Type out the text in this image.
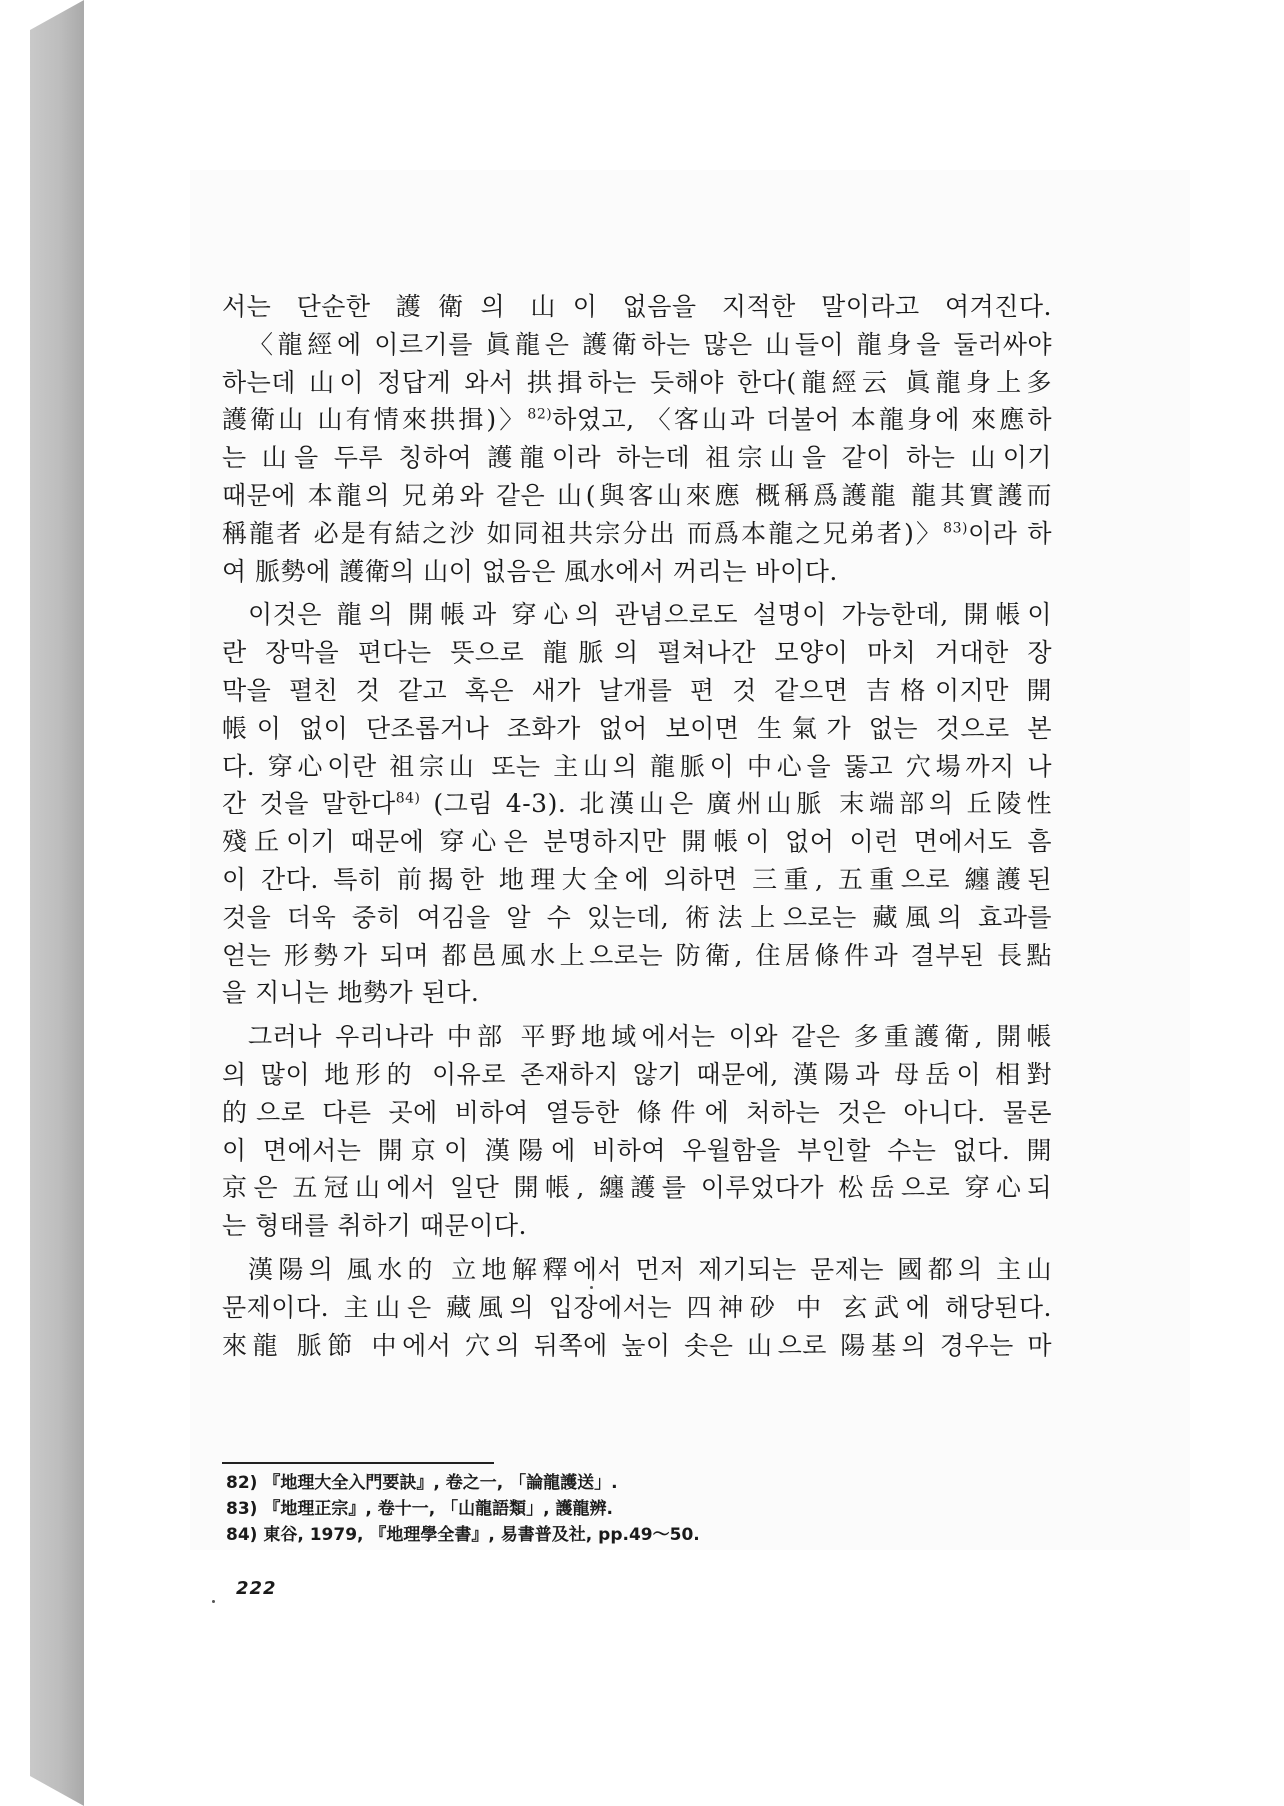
서는 단순한 護衛의 山이 없음을 지적한 말이라고 여겨진다.
〈龍經에 이르기를 眞龍은 護衛하는 많은 山들이 龍身을 둘러싸야
하는데 山이 정답게 와서 拱揖하는 듯해야 한다(龍經云 眞龍身上多
護衛山 山有情來拱揖)〉$^{82)}$하였고, 〈客山과 더불어 本龍身에 來應하
는 山을 두루 칭하여 護龍이라 하는데 祖宗山을 같이 하는 山이기
때문에 本龍의 兄弟와 같은 山(與客山來應 概稱爲護龍 龍其實護而
稱龍者 必是有結之沙 如同祖共宗分出 而爲本龍之兄弟者)〉$^{83)}$이라 하
여 脈勢에 護衛의 山이 없음은 風水에서 꺼리는 바이다.
이것은 龍의 開帳과 穿心의 관념으로도 설명이 가능한데, 開帳이
란 장막을 편다는 뜻으로 龍脈의 펼쳐나간 모양이 마치 거대한 장
막을 펼친 것 같고 혹은 새가 날개를 편 것 같으면 吉格이지만 開
帳이 없이 단조롭거나 조화가 없어 보이면 生氣가 없는 것으로 본
다. 穿心이란 祖宗山 또는 主山의 龍脈이 中心을 뚫고 穴場까지 나
간 것을 말한다$^{84)}$ (그림 4-3). 北漢山은 廣州山脈 末端部의 丘陵性
殘丘이기 때문에 穿心은 분명하지만 開帳이 없어 이런 면에서도 흠
이 간다. 특히 前揭한 地理大全에 의하면 三重, 五重으로 纏護된
것을 더욱 중히 여김을 알 수 있는데, 術法上으로는 藏風의 효과를
얻는 形勢가 되며 都邑風水上으로는 防衛, 住居條件과 결부된 長點
을 지니는 地勢가 된다.
그러나 우리나라 中部 平野地域에서는 이와 같은 多重護衛, 開帳
의 많이 地形的 이유로 존재하지 않기 때문에, 漢陽과 母岳이 相對
的으로 다른 곳에 비하여 열등한 條件에 처하는 것은 아니다. 물론
이 면에서는 開京이 漢陽에 비하여 우월함을 부인할 수는 없다. 開
京은 五冠山에서 일단 開帳, 纏護를 이루었다가 松岳으로 穿心되
는 형태를 취하기 때문이다.
漢陽의 風水的 立地解釋에서 먼저 제기되는 문제는 國都의 主山
문제이다. 主山은 藏風의 입장에서는 四神砂 中 玄武에 해당된다.
來龍 脈節 中에서 穴의 뒤쪽에 높이 솟은 山으로 陽基의 경우는 마
82) 『地理大全入門要訣』, 卷之一, 「論龍護送」.
83) 『地理正宗』, 卷十一, 「山龍語類」, 護龍辨.
84) 東谷, 1979, 『地理學全書』, 易書普及社, pp.49～50.
222
